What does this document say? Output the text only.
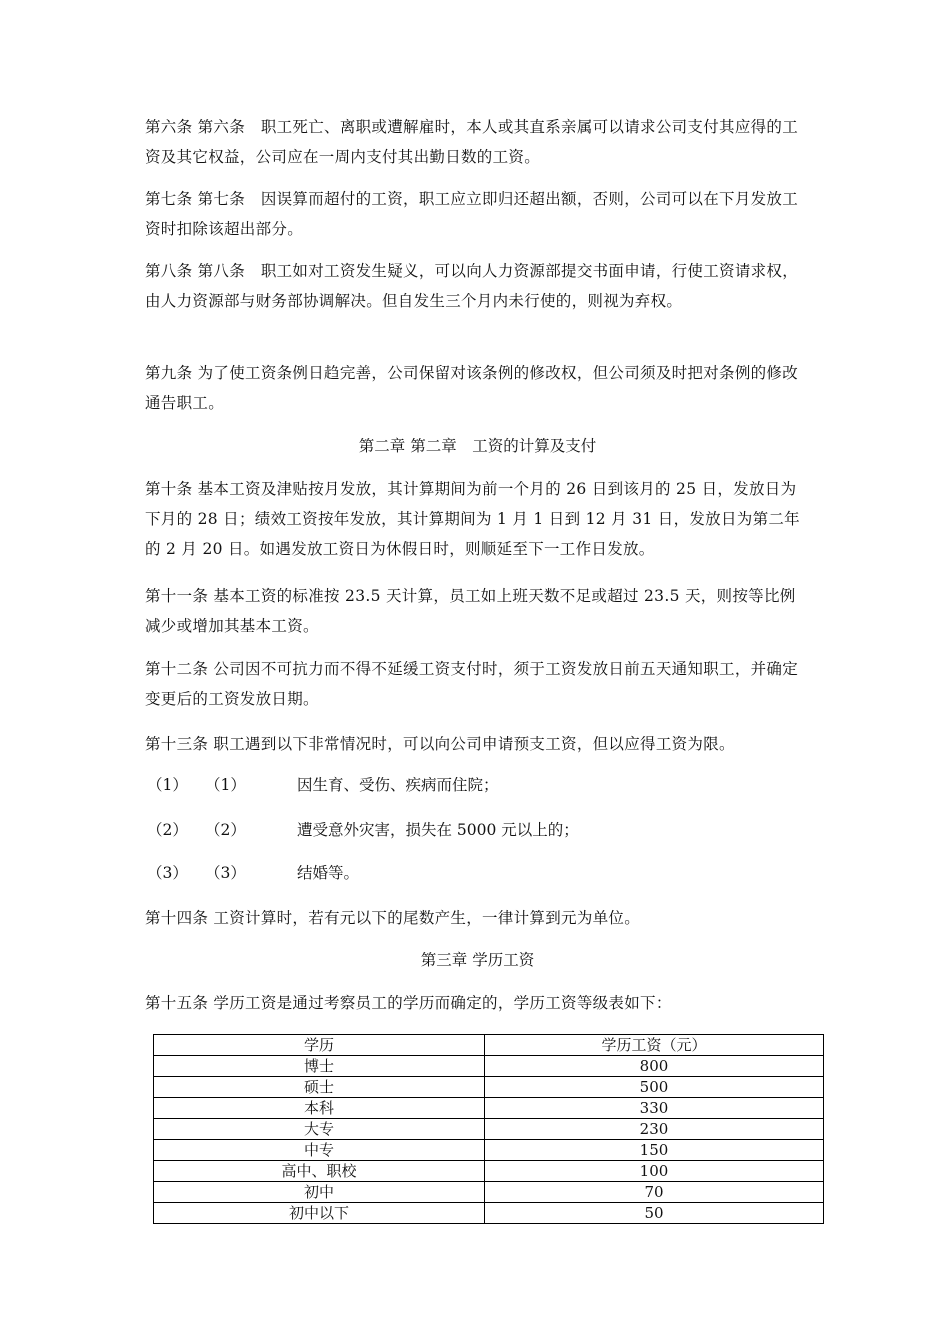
第六条 第六条　职工死亡、离职或遭解雇时，本人或其直系亲属可以请求公司支付其应得的工资及其它权益，公司应在一周内支付其出勤日数的工资。

第七条 第七条　因误算而超付的工资，职工应立即归还超出额，否则，公司可以在下月发放工资时扣除该超出部分。

第八条 第八条　职工如对工资发生疑义，可以向人力资源部提交书面申请，行使工资请求权，由人力资源部与财务部协调解决。但自发生三个月内未行使的，则视为弃权。

第九条 为了使工资条例日趋完善，公司保留对该条例的修改权，但公司须及时把对条例的修改通告职工。

第二章 第二章　工资的计算及支付

第十条 基本工资及津贴按月发放，其计算期间为前一个月的 26 日到该月的 25 日，发放日为下月的 28 日；绩效工资按年发放，其计算期间为 1 月 1 日到 12 月 31 日，发放日为第二年的 2 月 20 日。如遇发放工资日为休假日时，则顺延至下一工作日发放。

第十一条 基本工资的标准按 23.5 天计算，员工如上班天数不足或超过 23.5 天，则按等比例减少或增加其基本工资。

第十二条 公司因不可抗力而不得不延缓工资支付时，须于工资发放日前五天通知职工，并确定变更后的工资发放日期。

第十三条 职工遇到以下非常情况时，可以向公司申请预支工资，但以应得工资为限。

（1） （1）	因生育、受伤、疾病而住院；
（2） （2）	遭受意外灾害，损失在 5000 元以上的；
（3） （3）	结婚等。

第十四条 工资计算时，若有元以下的尾数产生，一律计算到元为单位。

第三章 学历工资

第十五条 学历工资是通过考察员工的学历而确定的，学历工资等级表如下：

学历	学历工资（元）
博士	800
硕士	500
本科	330
大专	230
中专	150
高中、职校	100
初中	70
初中以下	50
